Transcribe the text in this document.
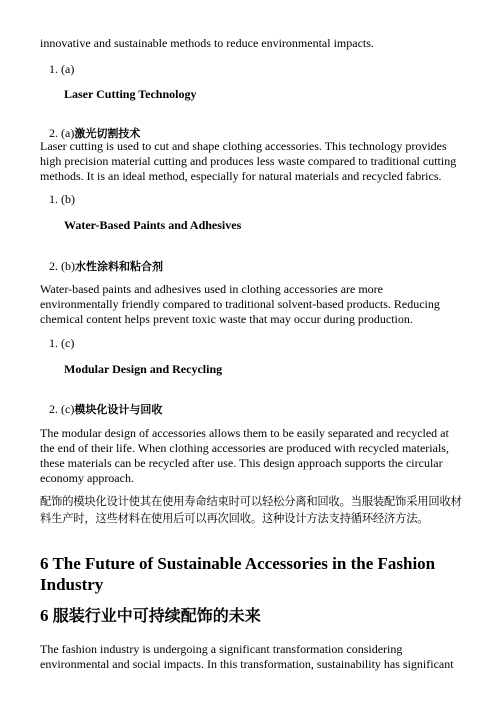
innovative and sustainable methods to reduce environmental impacts.

1. (a)

Laser Cutting Technology

2. (a)激光切割技术

Laser cutting is used to cut and shape clothing accessories. This technology provides high precision material cutting and produces less waste compared to traditional cutting methods. It is an ideal method, especially for natural materials and recycled fabrics.

1. (b)

Water-Based Paints and Adhesives

2. (b)水性涂料和粘合剂

Water-based paints and adhesives used in clothing accessories are more environmentally friendly compared to traditional solvent-based products. Reducing chemical content helps prevent toxic waste that may occur during production.

1. (c)

Modular Design and Recycling

2. (c)模块化设计与回收

The modular design of accessories allows them to be easily separated and recycled at the end of their life. When clothing accessories are produced with recycled materials, these materials can be recycled after use. This design approach supports the circular economy approach.

配饰的模块化设计使其在使用寿命结束时可以轻松分离和回收。当服装配饰采用回收材料生产时，这些材料在使用后可以再次回收。这种设计方法支持循环经济方法。

6 The Future of Sustainable Accessories in the Fashion Industry
6 服装行业中可持续配饰的未来

The fashion industry is undergoing a significant transformation considering environmental and social impacts. In this transformation, sustainability has significant
